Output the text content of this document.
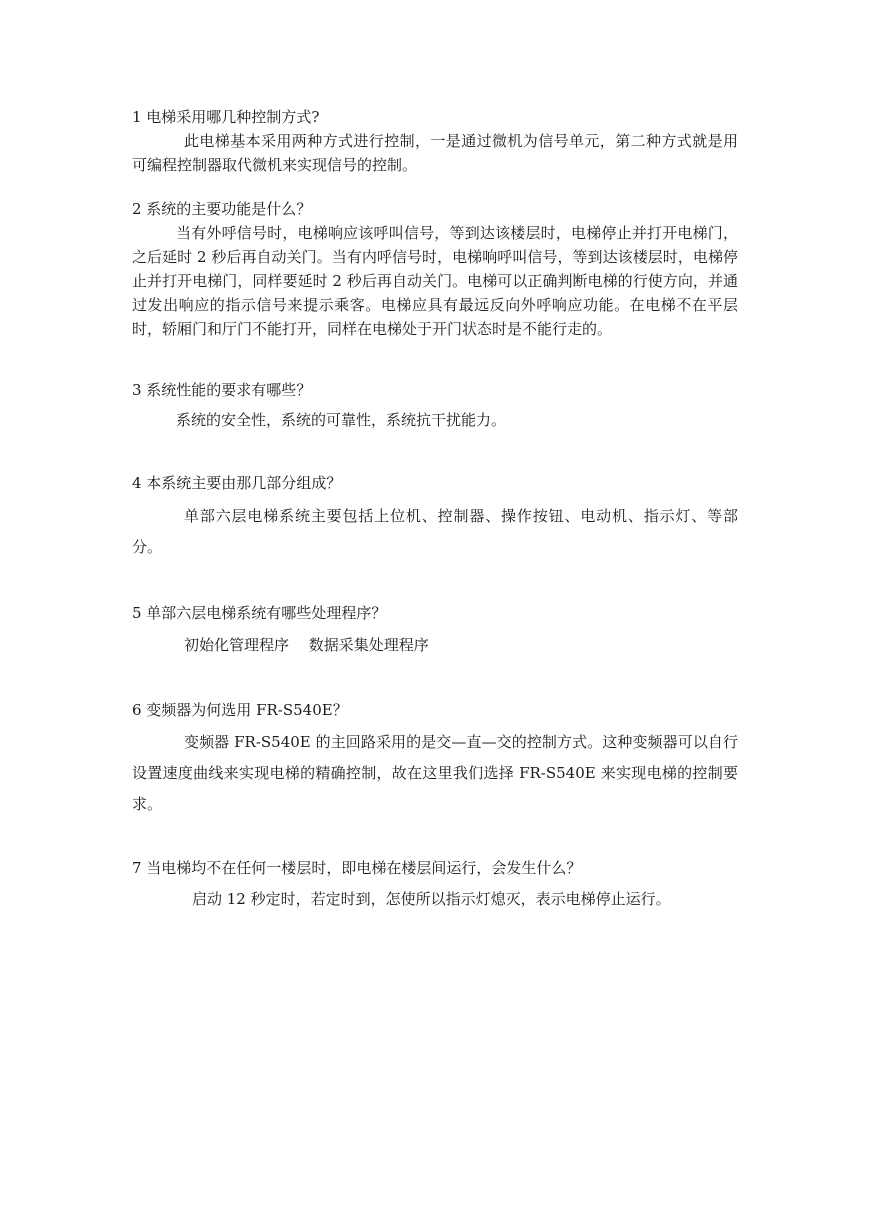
1 电梯采用哪几种控制方式?
此电梯基本采用两种方式进行控制，一是通过微机为信号单元，第二种方式就是用可编程控制器取代微机来实现信号的控制。
2 系统的主要功能是什么？
当有外呼信号时，电梯响应该呼叫信号，等到达该楼层时，电梯停止并打开电梯门，之后延时 2 秒后再自动关门。当有内呼信号时，电梯响呼叫信号，等到达该楼层时，电梯停止并打开电梯门，同样要延时 2 秒后再自动关门。电梯可以正确判断电梯的行使方向，并通过发出响应的指示信号来提示乘客。电梯应具有最远反向外呼响应功能。在电梯不在平层时，轿厢门和厅门不能打开，同样在电梯处于开门状态时是不能行走的。
3 系统性能的要求有哪些？
系统的安全性，系统的可靠性，系统抗干扰能力。
4 本系统主要由那几部分组成？
单部六层电梯系统主要包括上位机、控制器、操作按钮、电动机、指示灯、等部分。
5 单部六层电梯系统有哪些处理程序？
初始化管理程序　 数据采集处理程序
6 变频器为何选用 FR-S540E？
变频器 FR-S540E 的主回路采用的是交—直—交的控制方式。这种变频器可以自行设置速度曲线来实现电梯的精确控制，故在这里我们选择 FR-S540E 来实现电梯的控制要求。
7 当电梯均不在任何一楼层时，即电梯在楼层间运行，会发生什么？
启动 12 秒定时，若定时到，怎使所以指示灯熄灭，表示电梯停止运行。
